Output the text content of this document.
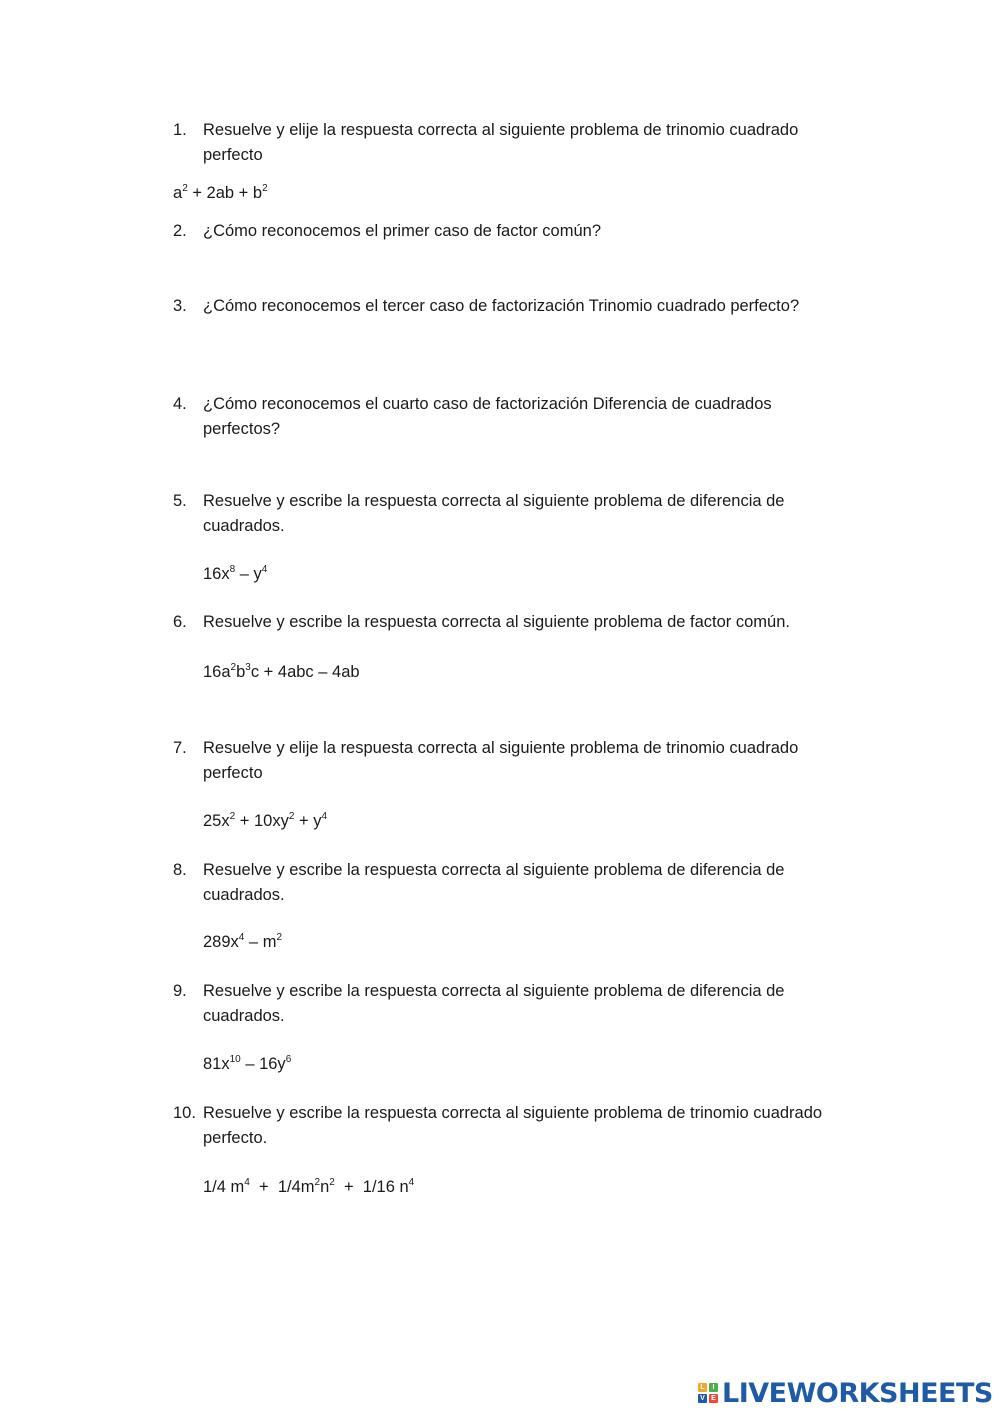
1. Resuelve y elije la respuesta correcta al siguiente problema de trinomio cuadrado perfecto
$a^2 + 2ab + b^2$
2. ¿Cómo reconocemos el primer caso de factor común?
3. ¿Cómo reconocemos el tercer caso de factorización Trinomio cuadrado perfecto?
4. ¿Cómo reconocemos el cuarto caso de factorización Diferencia de cuadrados perfectos?
5. Resuelve y escribe la respuesta correcta al siguiente problema de diferencia de cuadrados.
$16x^8 - y^4$
6. Resuelve y escribe la respuesta correcta al siguiente problema de factor común.
$16a^2b^3c + 4abc - 4ab$
7. Resuelve y elije la respuesta correcta al siguiente problema de trinomio cuadrado perfecto
$25x^2 + 10xy^2 + y^4$
8. Resuelve y escribe la respuesta correcta al siguiente problema de diferencia de cuadrados.
$289x^4 - m^2$
9. Resuelve y escribe la respuesta correcta al siguiente problema de diferencia de cuadrados.
$81x^{10} - 16y^6$
10. Resuelve y escribe la respuesta correcta al siguiente problema de trinomio cuadrado perfecto.
1/4 $m^4 + 1/4m^2n^2 + 1/16$ $n^4$
L	I
V E LIVEWORKSHEETS
